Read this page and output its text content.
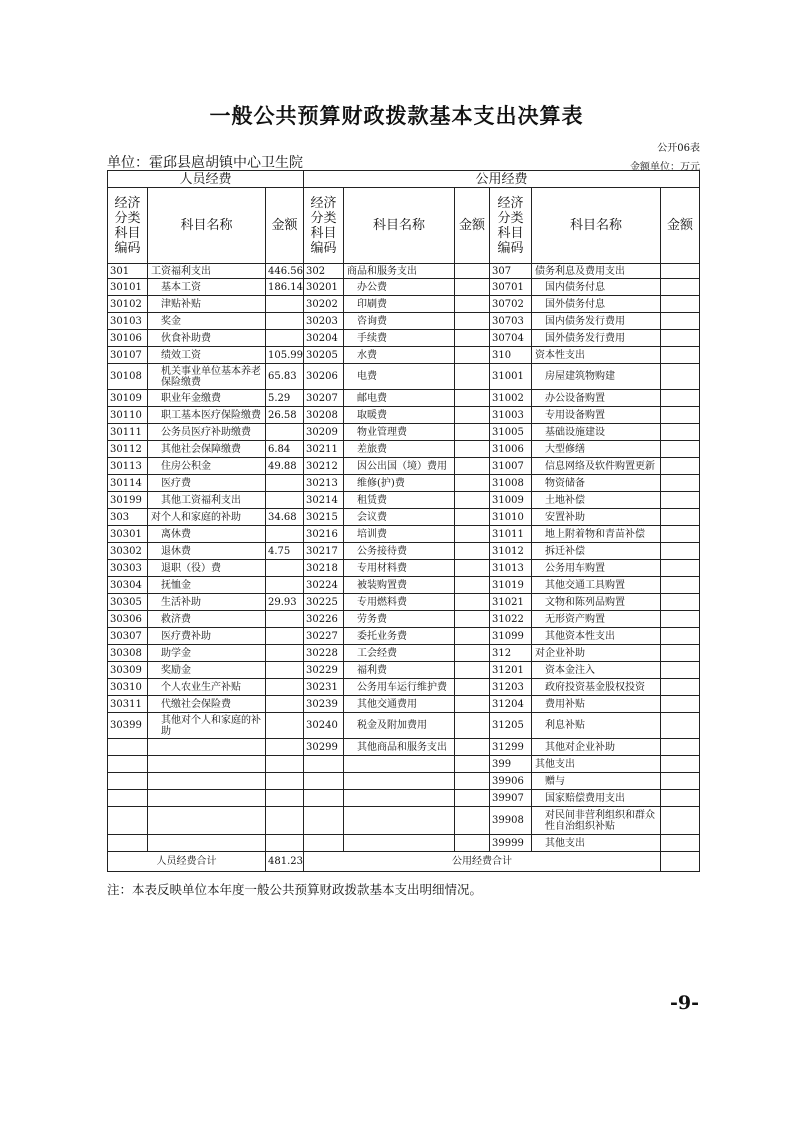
一般公共预算财政拨款基本支出决算表
公开06表
单位：霍邱县扈胡镇中心卫生院	金额单位：万元
人员经费			公用经费					
经济分类科目编码	科目名称	金额	经济分类科目编码	科目名称	金额	经济分类科目编码	科目名称	金额
301	工资福利支出	446.56	302	商品和服务支出		307	债务利息及费用支出	
30101	基本工资	186.14	30201	办公费		30701	国内债务付息	
30102	津贴补贴		30202	印刷费		30702	国外债务付息	
30103	奖金		30203	咨询费		30703	国内债务发行费用	
30106	伙食补助费		30204	手续费		30704	国外债务发行费用	
30107	绩效工资	105.99	30205	水费		310	资本性支出	
30108	机关事业单位基本养老保险缴费	65.83	30206	电费		31001	房屋建筑物购建	
30109	职业年金缴费	5.29	30207	邮电费		31002	办公设备购置	
30110	职工基本医疗保险缴费	26.58	30208	取暖费		31003	专用设备购置	
30111	公务员医疗补助缴费		30209	物业管理费		31005	基础设施建设	
30112	其他社会保障缴费	6.84	30211	差旅费		31006	大型修缮	
30113	住房公积金	49.88	30212	因公出国（境）费用		31007	信息网络及软件购置更新	
30114	医疗费		30213	维修(护)费		31008	物资储备	
30199	其他工资福利支出		30214	租赁费		31009	土地补偿	
303	对个人和家庭的补助	34.68	30215	会议费		31010	安置补助	
30301	离休费		30216	培训费		31011	地上附着物和青苗补偿	
30302	退休费	4.75	30217	公务接待费		31012	拆迁补偿	
30303	退职（役）费		30218	专用材料费		31013	公务用车购置	
30304	抚恤金		30224	被装购置费		31019	其他交通工具购置	
30305	生活补助	29.93	30225	专用燃料费		31021	文物和陈列品购置	
30306	救济费		30226	劳务费		31022	无形资产购置	
30307	医疗费补助		30227	委托业务费		31099	其他资本性支出	
30308	助学金		30228	工会经费		312	对企业补助	
30309	奖励金		30229	福利费		31201	资本金注入	
30310	个人农业生产补贴		30231	公务用车运行维护费		31203	政府投资基金股权投资	
30311	代缴社会保险费		30239	其他交通费用		31204	费用补贴	
30399	其他对个人和家庭的补助		30240	税金及附加费用		31205	利息补贴	
			30299	其他商品和服务支出		31299	其他对企业补助	
						399	其他支出	
						39906	赠与	
						39907	国家赔偿费用支出	
						39908	对民间非营利组织和群众性自治组织补贴	
						39999	其他支出	
人员经费合计		481.23	公用经费合计					
注：本表反映单位本年度一般公共预算财政拨款基本支出明细情况。
-9-
